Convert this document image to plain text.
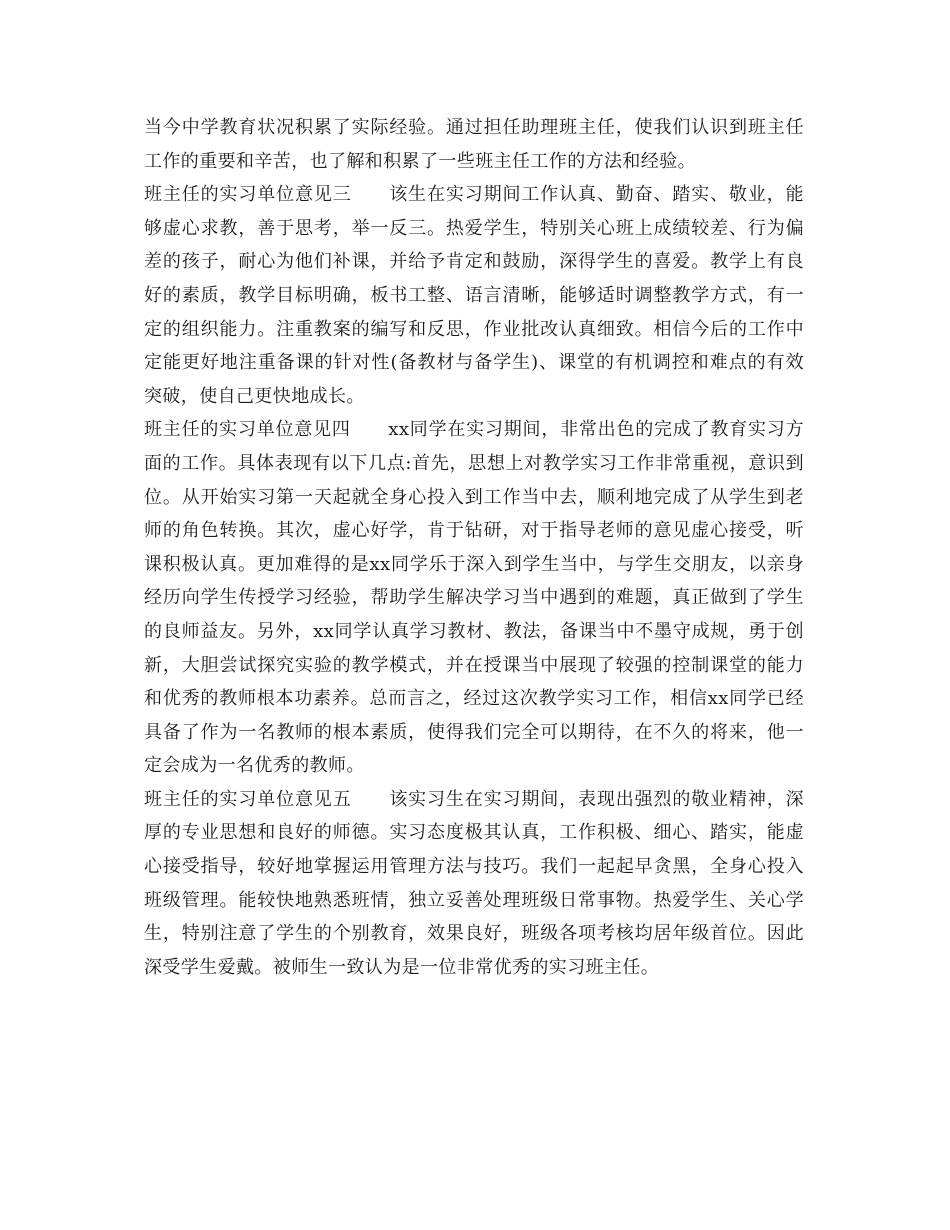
当今中学教育状况积累了实际经验。通过担任助理班主任，使我们认识到班主任
工作的重要和辛苦，也了解和积累了一些班主任工作的方法和经验。
班主任的实习单位意见三　　该生在实习期间工作认真、勤奋、踏实、敬业，能
够虚心求教，善于思考，举一反三。热爱学生，特别关心班上成绩较差、行为偏
差的孩子，耐心为他们补课，并给予肯定和鼓励，深得学生的喜爱。教学上有良
好的素质，教学目标明确，板书工整、语言清晰，能够适时调整教学方式，有一
定的组织能力。注重教案的编写和反思，作业批改认真细致。相信今后的工作中
定能更好地注重备课的针对性(备教材与备学生)、课堂的有机调控和难点的有效
突破，使自己更快地成长。
班主任的实习单位意见四　　xx同学在实习期间，非常出色的完成了教育实习方
面的工作。具体表现有以下几点:首先，思想上对教学实习工作非常重视，意识到
位。从开始实习第一天起就全身心投入到工作当中去，顺利地完成了从学生到老
师的角色转换。其次，虚心好学，肯于钻研，对于指导老师的意见虚心接受，听
课积极认真。更加难得的是xx同学乐于深入到学生当中，与学生交朋友，以亲身
经历向学生传授学习经验，帮助学生解决学习当中遇到的难题，真正做到了学生
的良师益友。另外，xx同学认真学习教材、教法，备课当中不墨守成规，勇于创
新，大胆尝试探究实验的教学模式，并在授课当中展现了较强的控制课堂的能力
和优秀的教师根本功素养。总而言之，经过这次教学实习工作，相信xx同学已经
具备了作为一名教师的根本素质，使得我们完全可以期待，在不久的将来，他一
定会成为一名优秀的教师。
班主任的实习单位意见五　　该实习生在实习期间，表现出强烈的敬业精神，深
厚的专业思想和良好的师德。实习态度极其认真，工作积极、细心、踏实，能虚
心接受指导，较好地掌握运用管理方法与技巧。我们一起起早贪黑，全身心投入
班级管理。能较快地熟悉班情，独立妥善处理班级日常事物。热爱学生、关心学
生，特别注意了学生的个别教育，效果良好，班级各项考核均居年级首位。因此
深受学生爱戴。被师生一致认为是一位非常优秀的实习班主任。
